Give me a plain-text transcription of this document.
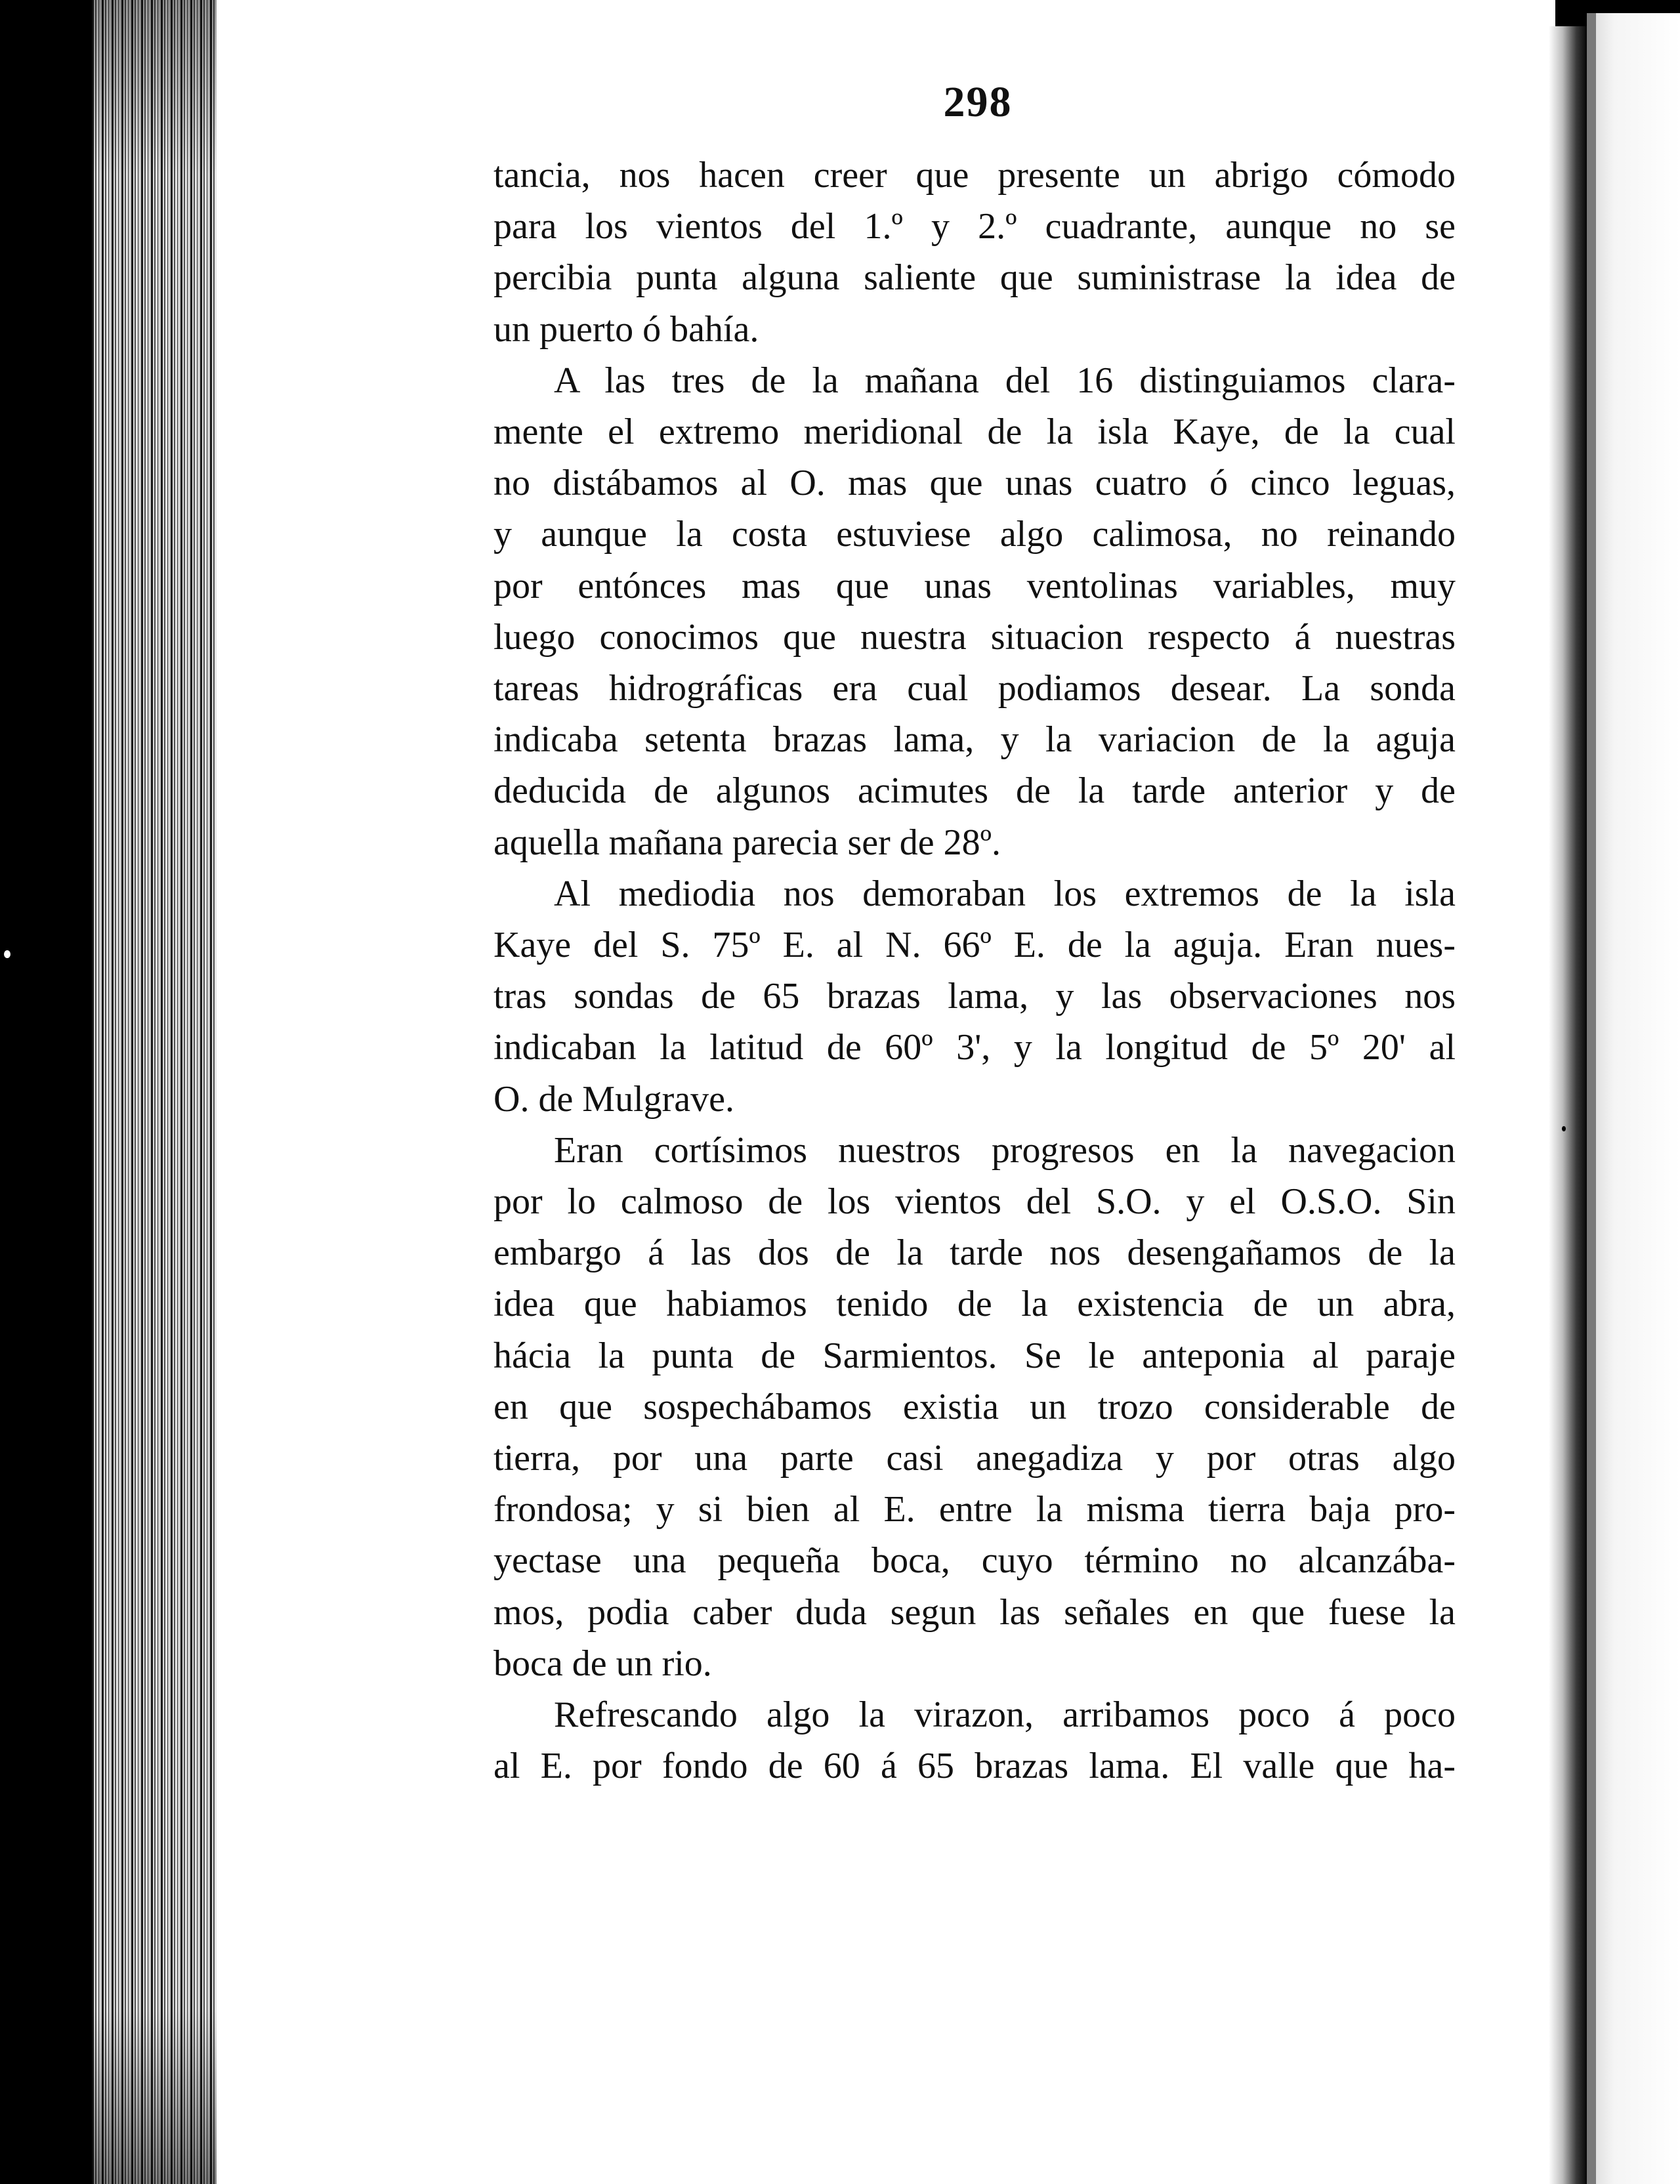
298

tancia, nos hacen creer que presente un abrigo cómodo
para los vientos del 1.º y 2.º cuadrante, aunque no se
percibia punta alguna saliente que suministrase la idea de
un puerto ó bahía.

A las tres de la mañana del 16 distinguiamos clara-
mente el extremo meridional de la isla Kaye, de la cual
no distábamos al O. mas que unas cuatro ó cinco leguas,
y aunque la costa estuviese algo calimosa, no reinando
por entónces mas que unas ventolinas variables, muy
luego conocimos que nuestra situacion respecto á nuestras
tareas hidrográficas era cual podiamos desear. La sonda
indicaba setenta brazas lama, y la variacion de la aguja
deducida de algunos acimutes de la tarde anterior y de
aquella mañana parecia ser de 28º.

Al mediodia nos demoraban los extremos de la isla
Kaye del S. 75º E. al N. 66º E. de la aguja. Eran nues-
tras sondas de 65 brazas lama, y las observaciones nos
indicaban la latitud de 60º 3', y la longitud de 5º 20' al
O. de Mulgrave.

Eran cortísimos nuestros progresos en la navegacion
por lo calmoso de los vientos del S.O. y el O.S.O. Sin
embargo á las dos de la tarde nos desengañamos de la
idea que habiamos tenido de la existencia de un abra,
hácia la punta de Sarmientos. Se le anteponia al paraje
en que sospechábamos existia un trozo considerable de
tierra, por una parte casi anegadiza y por otras algo
frondosa; y si bien al E. entre la misma tierra baja pro-
yectase una pequeña boca, cuyo término no alcanzába-
mos, podia caber duda segun las señales en que fuese la
boca de un rio.

Refrescando algo la virazon, arribamos poco á poco
al E. por fondo de 60 á 65 brazas lama. El valle que ha-
